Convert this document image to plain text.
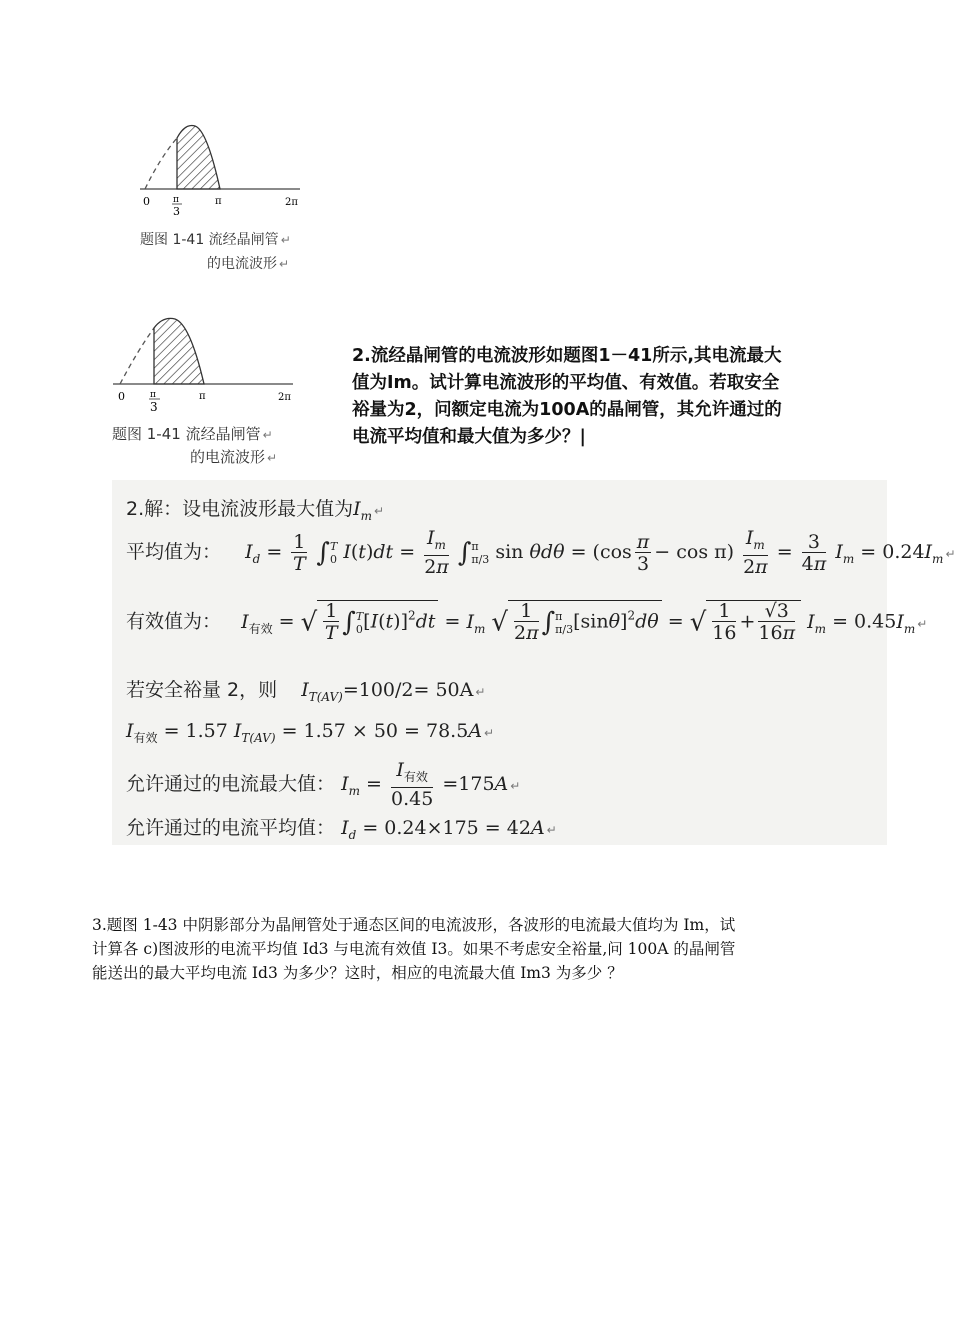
0	π
3
π	2π
题图 1-41 流经晶闸管 ↵
的电流波形 ↵
0	π
3
π	2π
题图 1-41 流经晶闸管 ↵
的电流波形 ↵
2.流经晶闸管的电流波形如题图1－41所示,其电流最大
值为Im。试计算电流波形的平均值、有效值。若取安全
裕量为2，问额定电流为100A的晶闸管，其允许通过的
电流平均值和最大值为多少？|
2.解：设电流波形最大值为$I_m$ ↵
平均值为： $I_d = \frac{1}{T} \int T$
0 $I(t)dt = \frac{I_m}{2\pi} \int\pi$
π/3 $\sin \theta d\theta = (\cos \frac{\pi}{3} - \cos \pi) \frac{I_m}{2\pi} = \frac{3}{4\pi} I_m = 0.24I_m$ ↵
有效值为： $I_{有效}$ = √ $\frac{1}{T} \int T$
$0[I(t)]^2dt = I_m$ √ $\frac{1}{2\pi} \int\pi$
$\pi/3[\sin\theta]^2d\theta$ = √ $\frac{1}{16} + \frac{√3}{16\pi} I_m = 0.45I_m$ ↵
若安全裕量 2，则 $I_{T(AV)}=100/2= 50A$ ↵
$I_{有效} = 1.57$ $I_{T(AV)} = 1.57 \times 50 = 78.5A$ ↵
允许通过的电流最大值： $I_m = \frac{I_{有效}}{0.45} =175A$ ↵
允许通过的电流平均值： $I_d = 0.24\times 175 = 42A$ ↵
3.题图 1-43 中阴影部分为晶闸管处于通态区间的电流波形，各波形的电流最大值均为 Im，试
计算各 c)图波形的电流平均值 Id3 与电流有效值 I3。如果不考虑安全裕量,问 100A 的晶闸管
能送出的最大平均电流 Id3 为多少？这时，相应的电流最大值 Im3 为多少 ？
